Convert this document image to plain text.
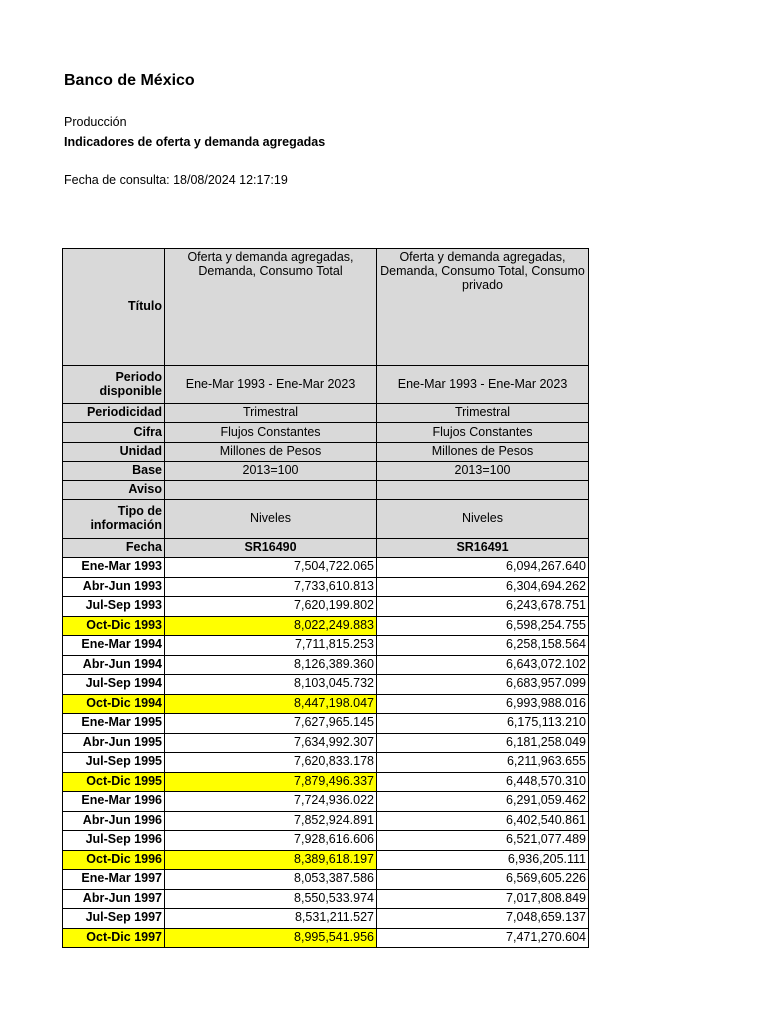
Banco de México
Producción
Indicadores de oferta y demanda agregadas
Fecha de consulta: 18/08/2024 12:17:19
Título	Oferta y demanda agregadas, Demanda, Consumo Total	Oferta y demanda agregadas, Demanda, Consumo Total, Consumo privado
Periodo disponible	Ene-Mar 1993 - Ene-Mar 2023	Ene-Mar 1993 - Ene-Mar 2023
Periodicidad	Trimestral	Trimestral
Cifra	Flujos Constantes	Flujos Constantes
Unidad	Millones de Pesos	Millones de Pesos
Base	2013=100	2013=100
Aviso		
Tipo de información	Niveles	Niveles
Fecha	SR16490	SR16491
Ene-Mar 1993	7,504,722.065	6,094,267.640
Abr-Jun 1993	7,733,610.813	6,304,694.262
Jul-Sep 1993	7,620,199.802	6,243,678.751
Oct-Dic 1993	8,022,249.883	6,598,254.755
Ene-Mar 1994	7,711,815.253	6,258,158.564
Abr-Jun 1994	8,126,389.360	6,643,072.102
Jul-Sep 1994	8,103,045.732	6,683,957.099
Oct-Dic 1994	8,447,198.047	6,993,988.016
Ene-Mar 1995	7,627,965.145	6,175,113.210
Abr-Jun 1995	7,634,992.307	6,181,258.049
Jul-Sep 1995	7,620,833.178	6,211,963.655
Oct-Dic 1995	7,879,496.337	6,448,570.310
Ene-Mar 1996	7,724,936.022	6,291,059.462
Abr-Jun 1996	7,852,924.891	6,402,540.861
Jul-Sep 1996	7,928,616.606	6,521,077.489
Oct-Dic 1996	8,389,618.197	6,936,205.111
Ene-Mar 1997	8,053,387.586	6,569,605.226
Abr-Jun 1997	8,550,533.974	7,017,808.849
Jul-Sep 1997	8,531,211.527	7,048,659.137
Oct-Dic 1997	8,995,541.956	7,471,270.604
